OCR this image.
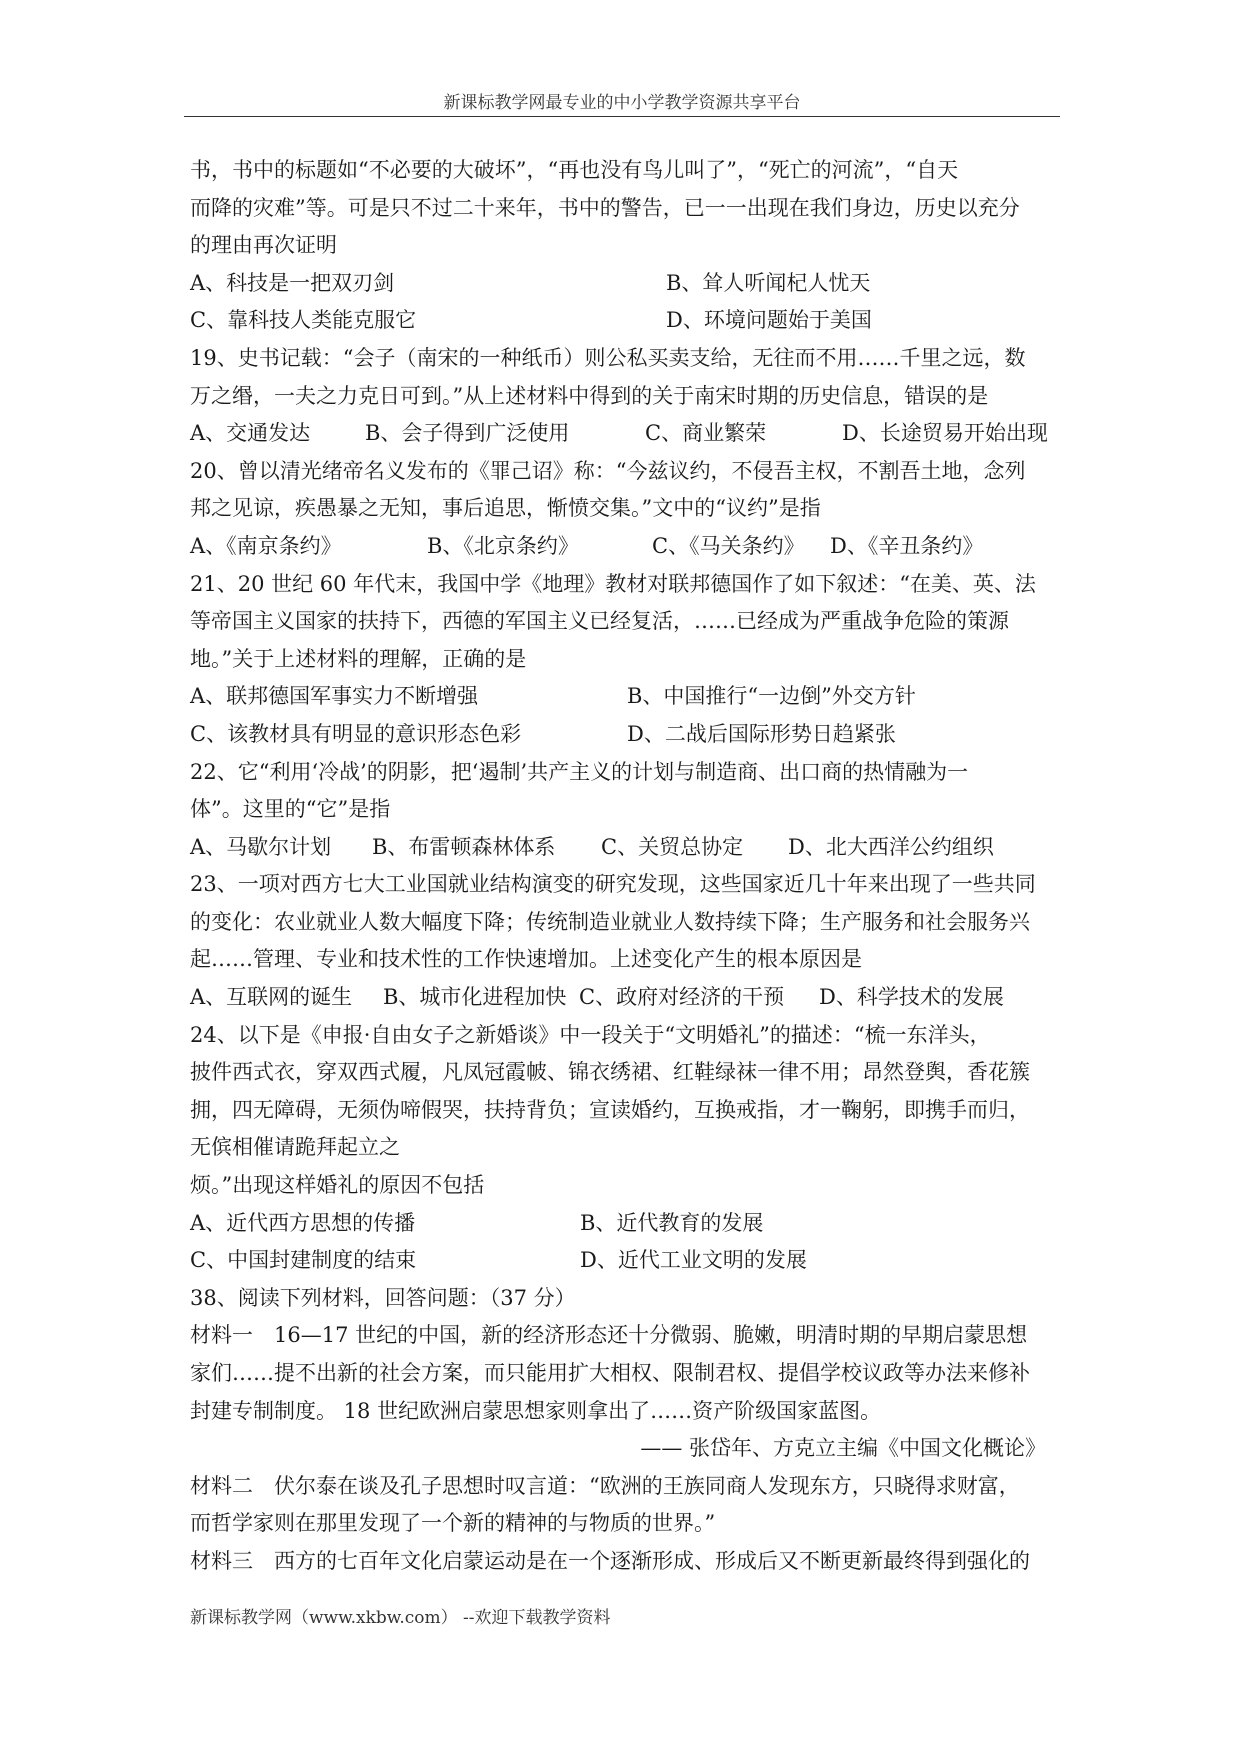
新课标教学网最专业的中小学教学资源共享平台
书，书中的标题如“不必要的大破坏”，“再也没有鸟儿叫了”，“死亡的河流”，“自天
而降的灾难”等。可是只不过二十来年，书中的警告，已一一出现在我们身边，历史以充分
的理由再次证明
A、科技是一把双刃剑	B、耸人听闻杞人忧天
C、靠科技人类能克服它	D、环境问题始于美国
19、史书记载：“会子（南宋的一种纸币）则公私买卖支给，无往而不用……千里之远，数
万之缗，一夫之力克日可到。”从上述材料中得到的关于南宋时期的历史信息，错误的是
A、交通发达	B、会子得到广泛使用	C、商业繁荣	D、长途贸易开始出现
20、曾以清光绪帝名义发布的《罪己诏》称：“今兹议约，不侵吾主权，不割吾土地，念列
邦之见谅，疾愚暴之无知，事后追思，惭愤交集。”文中的“议约”是指
A、《南京条约》	B、《北京条约》	C、《马关条约》	D、《辛丑条约》
21、20 世纪 60 年代末，我国中学《地理》教材对联邦德国作了如下叙述：“在美、英、法
等帝国主义国家的扶持下，西德的军国主义已经复活，……已经成为严重战争危险的策源
地。”关于上述材料的理解，正确的是
A、联邦德国军事实力不断增强	B、中国推行“一边倒”外交方针
C、该教材具有明显的意识形态色彩	D、二战后国际形势日趋紧张
22、它“利用‘冷战’的阴影，把‘遏制’共产主义的计划与制造商、出口商的热情融为一
体”。这里的“它”是指
A、马歇尔计划	B、布雷顿森林体系	C、关贸总协定	D、北大西洋公约组织
23、一项对西方七大工业国就业结构演变的研究发现，这些国家近几十年来出现了一些共同
的变化：农业就业人数大幅度下降；传统制造业就业人数持续下降；生产服务和社会服务兴
起……管理、专业和技术性的工作快速增加。上述变化产生的根本原因是
A、互联网的诞生	B、城市化进程加快 C、政府对经济的干预	D、科学技术的发展
24、以下是《申报·自由女子之新婚谈》中一段关于“文明婚礼”的描述：“梳一东洋头，
披件西式衣，穿双西式履，凡凤冠霞帔、锦衣绣裙、红鞋绿袜一律不用；昂然登舆，香花簇
拥，四无障碍，无须伪啼假哭，扶持背负；宣读婚约，互换戒指，才一鞠躬，即携手而归，
无傧相催请跪拜起立之
烦。”出现这样婚礼的原因不包括
A、近代西方思想的传播	B、近代教育的发展
C、中国封建制度的结束	D、近代工业文明的发展
38、阅读下列材料，回答问题：（37 分）
材料一　16—17 世纪的中国，新的经济形态还十分微弱、脆嫩，明清时期的早期启蒙思想
家们……提不出新的社会方案，而只能用扩大相权、限制君权、提倡学校议政等办法来修补
封建专制制度。 18 世纪欧洲启蒙思想家则拿出了……资产阶级国家蓝图。
—— 张岱年、方克立主编《中国文化概论》
材料二　伏尔泰在谈及孔子思想时叹言道：“欧洲的王族同商人发现东方，只晓得求财富，
而哲学家则在那里发现了一个新的精神的与物质的世界。”
材料三　西方的七百年文化启蒙运动是在一个逐渐形成、形成后又不断更新最终得到强化的
新课标教学网（www.xkbw.com） --欢迎下载教学资料
